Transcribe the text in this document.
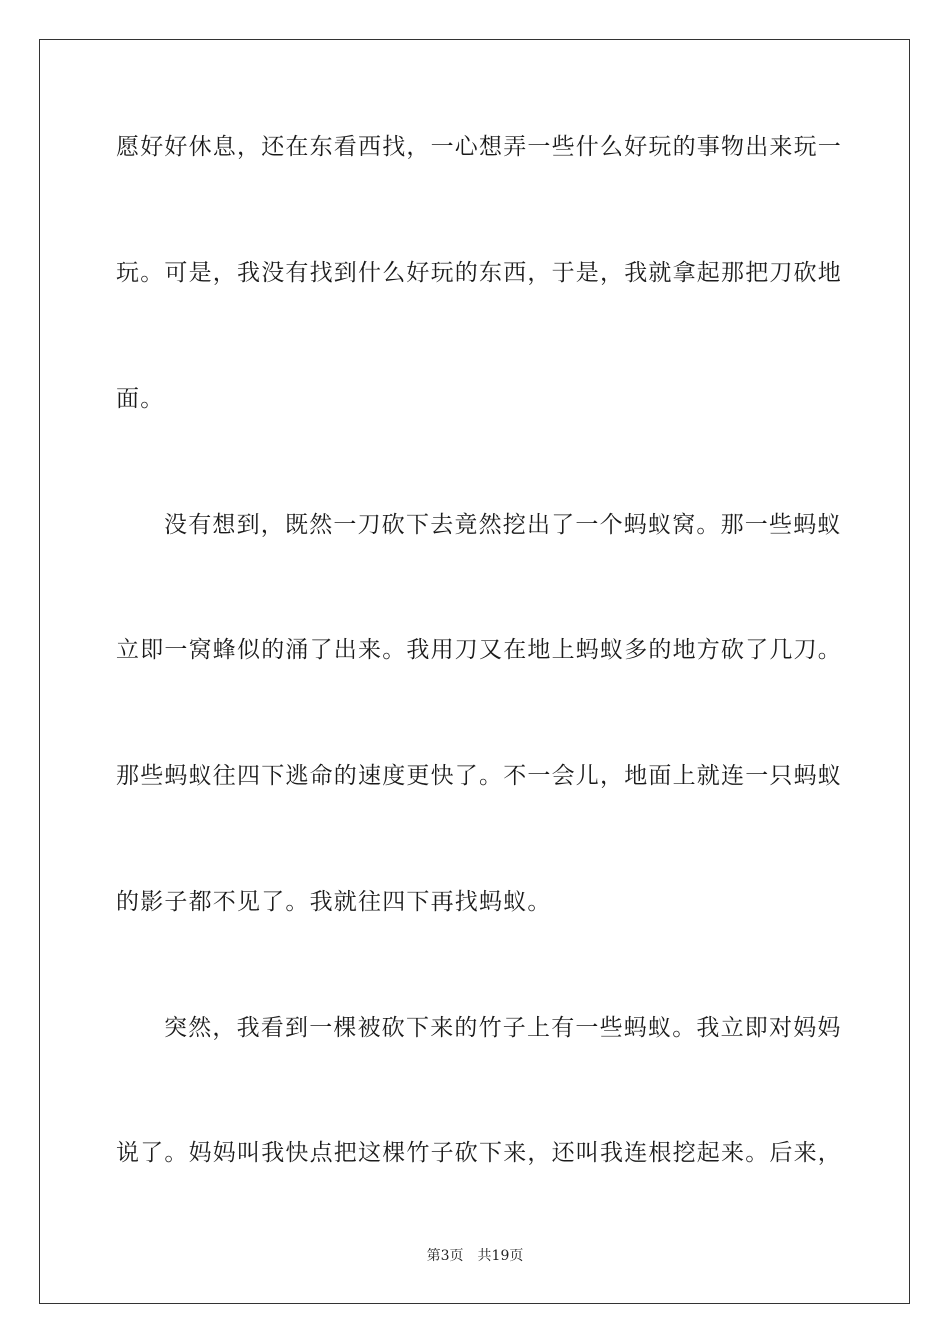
愿好好休息，还在东看西找，一心想弄一些什么好玩的事物出来玩一
玩。可是，我没有找到什么好玩的东西，于是，我就拿起那把刀砍地
面。
没有想到，既然一刀砍下去竟然挖出了一个蚂蚁窝。那一些蚂蚁
立即一窝蜂似的涌了出来。我用刀又在地上蚂蚁多的地方砍了几刀。
那些蚂蚁往四下逃命的速度更快了。不一会儿，地面上就连一只蚂蚁
的影子都不见了。我就往四下再找蚂蚁。
突然，我看到一棵被砍下来的竹子上有一些蚂蚁。我立即对妈妈
说了。妈妈叫我快点把这棵竹子砍下来，还叫我连根挖起来。后来，
第3页 共19页
